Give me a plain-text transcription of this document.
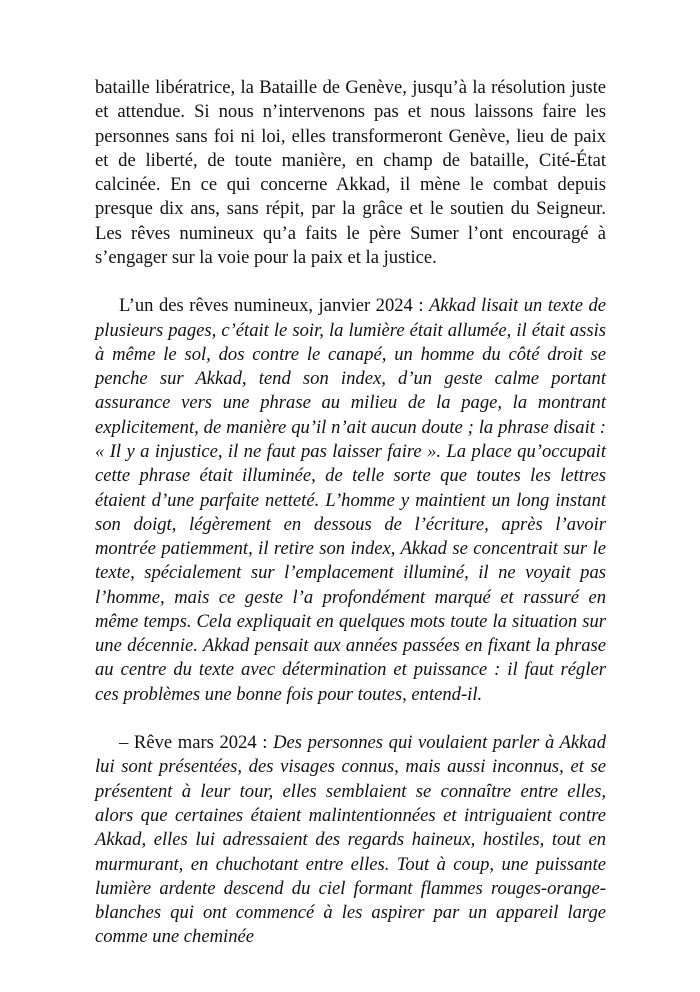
bataille libératrice, la Bataille de Genève, jusqu’à la résolution juste et attendue. Si nous n’intervenons pas et nous laissons faire les personnes sans foi ni loi, elles transformeront Genève, lieu de paix et de liberté, de toute manière, en champ de bataille, Cité-État calcinée. En ce qui concerne Akkad, il mène le combat depuis presque dix ans, sans répit, par la grâce et le soutien du Seigneur. Les rêves numineux qu’a faits le père Sumer l’ont encouragé à s’engager sur la voie pour la paix et la justice.

L’un des rêves numineux, janvier 2024 : Akkad lisait un texte de plusieurs pages, c’était le soir, la lumière était allumée, il était assis à même le sol, dos contre le canapé, un homme du côté droit se penche sur Akkad, tend son index, d’un geste calme portant assurance vers une phrase au milieu de la page, la montrant explicitement, de manière qu’il n’ait aucun doute ; la phrase disait : « Il y a injustice, il ne faut pas laisser faire ». La place qu’occupait cette phrase était illuminée, de telle sorte que toutes les lettres étaient d’une parfaite netteté. L’homme y maintient un long instant son doigt, légèrement en dessous de l’écriture, après l’avoir montrée patiemment, il retire son index, Akkad se concentrait sur le texte, spécialement sur l’emplacement illuminé, il ne voyait pas l’homme, mais ce geste l’a profondément marqué et rassuré en même temps. Cela expliquait en quelques mots toute la situation sur une décennie. Akkad pensait aux années passées en fixant la phrase au centre du texte avec détermination et puissance : il faut régler ces problèmes une bonne fois pour toutes, entend-il.

– Rêve mars 2024 : Des personnes qui voulaient parler à Akkad lui sont présentées, des visages connus, mais aussi inconnus, et se présentent à leur tour, elles semblaient se connaître entre elles, alors que certaines étaient malintentionnées et intriguaient contre Akkad, elles lui adressaient des regards haineux, hostiles, tout en murmurant, en chuchotant entre elles. Tout à coup, une puissante lumière ardente descend du ciel formant flammes rouges-orange-blanches qui ont commencé à les aspirer par un appareil large comme une cheminée
